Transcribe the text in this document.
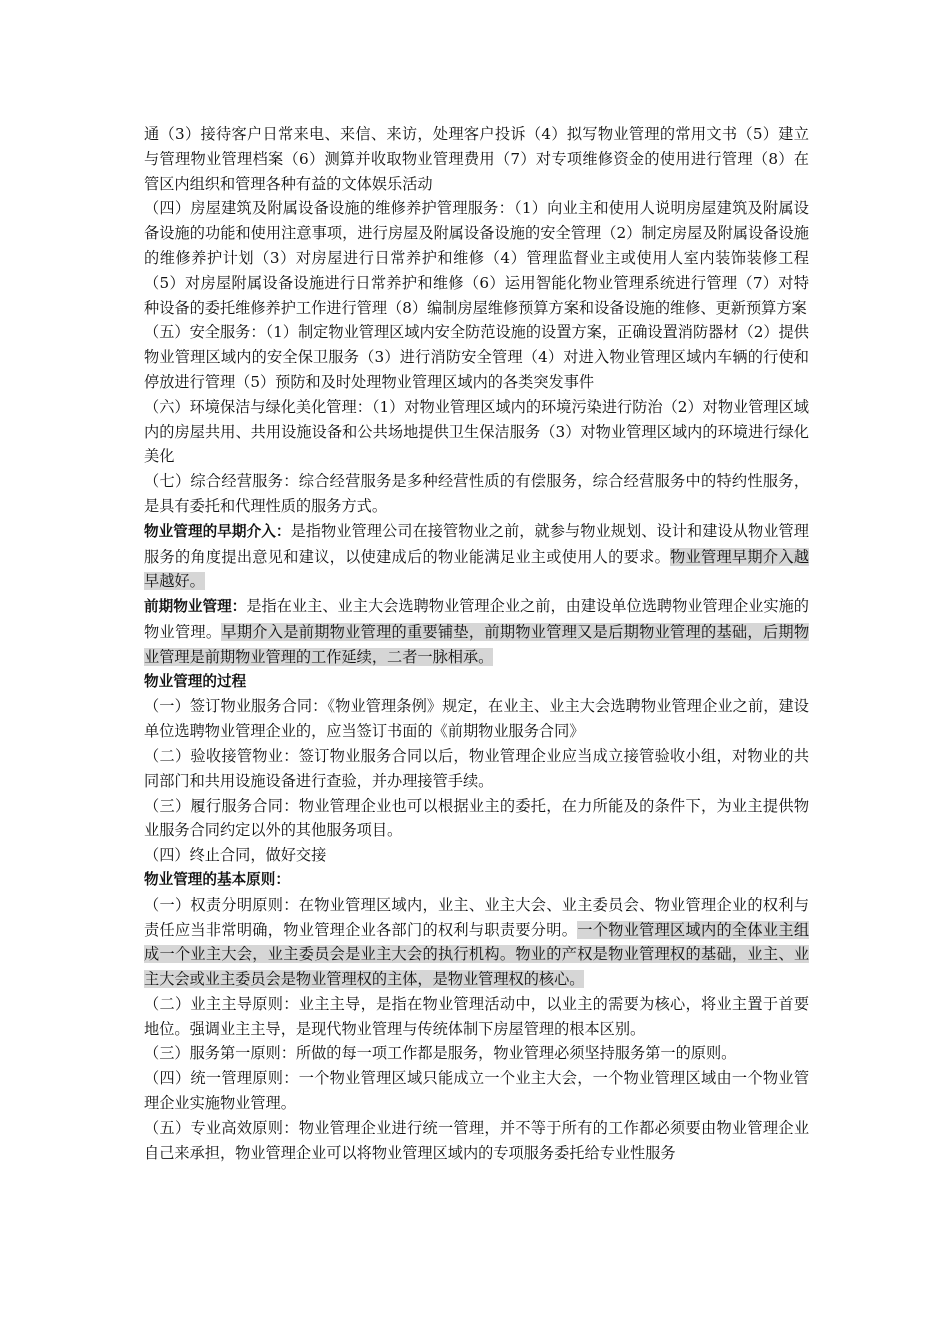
通（3）接待客户日常来电、来信、来访，处理客户投诉（4）拟写物业管理的常用文书（5）建立与管理物业管理档案（6）测算并收取物业管理费用（7）对专项维修资金的使用进行管理（8）在管区内组织和管理各种有益的文体娱乐活动

（四）房屋建筑及附属设备设施的维修养护管理服务：（1）向业主和使用人说明房屋建筑及附属设备设施的功能和使用注意事项，进行房屋及附属设备设施的安全管理（2）制定房屋及附属设备设施的维修养护计划（3）对房屋进行日常养护和维修（4）管理监督业主或使用人室内装饰装修工程（5）对房屋附属设备设施进行日常养护和维修（6）运用智能化物业管理系统进行管理（7）对特种设备的委托维修养护工作进行管理（8）编制房屋维修预算方案和设备设施的维修、更新预算方案

（五）安全服务：（1）制定物业管理区域内安全防范设施的设置方案，正确设置消防器材（2）提供物业管理区域内的安全保卫服务（3）进行消防安全管理（4）对进入物业管理区域内车辆的行使和停放进行管理（5）预防和及时处理物业管理区域内的各类突发事件

（六）环境保洁与绿化美化管理：（1）对物业管理区域内的环境污染进行防治（2）对物业管理区域内的房屋共用、共用设施设备和公共场地提供卫生保洁服务（3）对物业管理区域内的环境进行绿化美化

（七）综合经营服务：综合经营服务是多种经营性质的有偿服务，综合经营服务中的特约性服务，是具有委托和代理性质的服务方式。

物业管理的早期介入：是指物业管理公司在接管物业之前，就参与物业规划、设计和建设从物业管理服务的角度提出意见和建议，以使建成后的物业能满足业主或使用人的要求。物业管理早期介入越早越好。

前期物业管理：是指在业主、业主大会选聘物业管理企业之前，由建设单位选聘物业管理企业实施的物业管理。早期介入是前期物业管理的重要铺垫，前期物业管理又是后期物业管理的基础，后期物业管理是前期物业管理的工作延续，二者一脉相承。

物业管理的过程

（一）签订物业服务合同：《物业管理条例》规定，在业主、业主大会选聘物业管理企业之前，建设单位选聘物业管理企业的，应当签订书面的《前期物业服务合同》

（二）验收接管物业：签订物业服务合同以后，物业管理企业应当成立接管验收小组，对物业的共同部门和共用设施设备进行查验，并办理接管手续。

（三）履行服务合同：物业管理企业也可以根据业主的委托，在力所能及的条件下，为业主提供物业服务合同约定以外的其他服务项目。

（四）终止合同，做好交接

物业管理的基本原则：

（一）权责分明原则：在物业管理区域内，业主、业主大会、业主委员会、物业管理企业的权利与责任应当非常明确，物业管理企业各部门的权利与职责要分明。一个物业管理区域内的全体业主组成一个业主大会，业主委员会是业主大会的执行机构。物业的产权是物业管理权的基础，业主、业主大会或业主委员会是物业管理权的主体，是物业管理权的核心。

（二）业主主导原则：业主主导，是指在物业管理活动中，以业主的需要为核心，将业主置于首要地位。强调业主主导，是现代物业管理与传统体制下房屋管理的根本区别。

（三）服务第一原则：所做的每一项工作都是服务，物业管理必须坚持服务第一的原则。

（四）统一管理原则：一个物业管理区域只能成立一个业主大会，一个物业管理区域由一个物业管理企业实施物业管理。

（五）专业高效原则：物业管理企业进行统一管理，并不等于所有的工作都必须要由物业管理企业自己来承担，物业管理企业可以将物业管理区域内的专项服务委托给专业性服务
